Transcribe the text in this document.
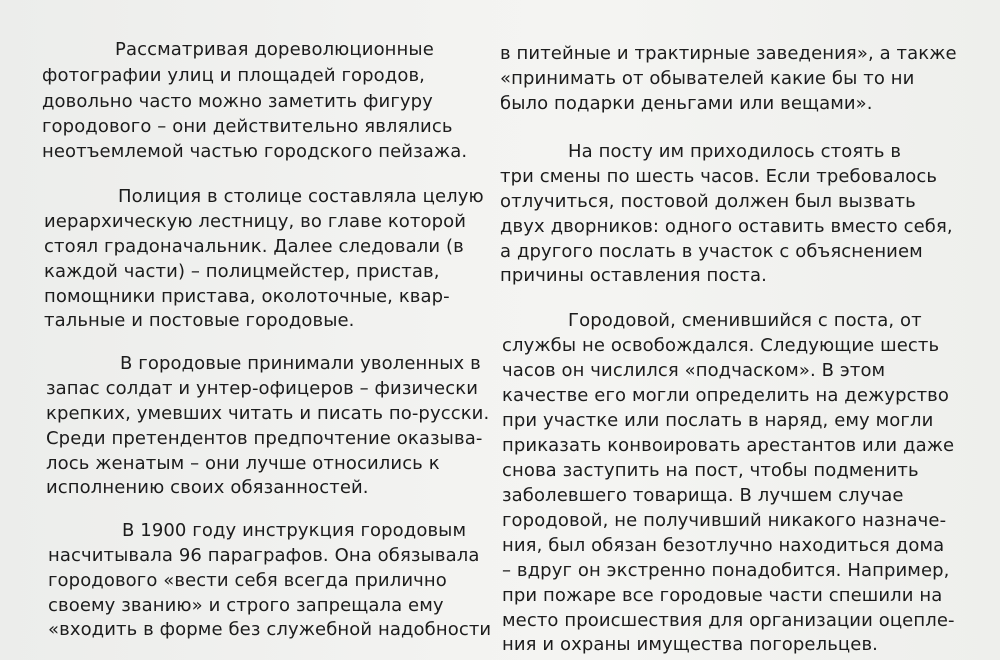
Рассматривая дореволюционные
фотографии улиц и площадей городов,
довольно часто можно заметить фигуру
городового – они действительно являлись
неотъемлемой частью городского пейзажа.
Полиция в столице составляла целую
иерархическую лестницу, во главе которой
стоял градоначальник. Далее следовали (в
каждой части) – полицмейстер, пристав,
помощники пристава, околоточные, квар-
тальные и постовые городовые.
В городовые принимали уволенных в
запас солдат и унтер-офицеров – физически
крепких, умевших читать и писать по-русски.
Среди претендентов предпочтение оказыва-
лось женатым – они лучше относились к
исполнению своих обязанностей.
В 1900 году инструкция городовым
насчитывала 96 параграфов. Она обязывала
городового «вести себя всегда прилично
своему званию» и строго запрещала ему
«входить в форме без служебной надобности
в питейные и трактирные заведения», а также
«принимать от обывателей какие бы то ни
было подарки деньгами или вещами».
На посту им приходилось стоять в
три смены по шесть часов. Если требовалось
отлучиться, постовой должен был вызвать
двух дворников: одного оставить вместо себя,
а другого послать в участок с объяснением
причины оставления поста.
Городовой, сменившийся с поста, от
службы не освобождался. Следующие шесть
часов он числился «подчаском». В этом
качестве его могли определить на дежурство
при участке или послать в наряд, ему могли
приказать конвоировать арестантов или даже
снова заступить на пост, чтобы подменить
заболевшего товарища. В лучшем случае
городовой, не получивший никакого назначе-
ния, был обязан безотлучно находиться дома
– вдруг он экстренно понадобится. Например,
при пожаре все городовые части спешили на
место происшествия для организации оцепле-
ния и охраны имущества погорельцев.
